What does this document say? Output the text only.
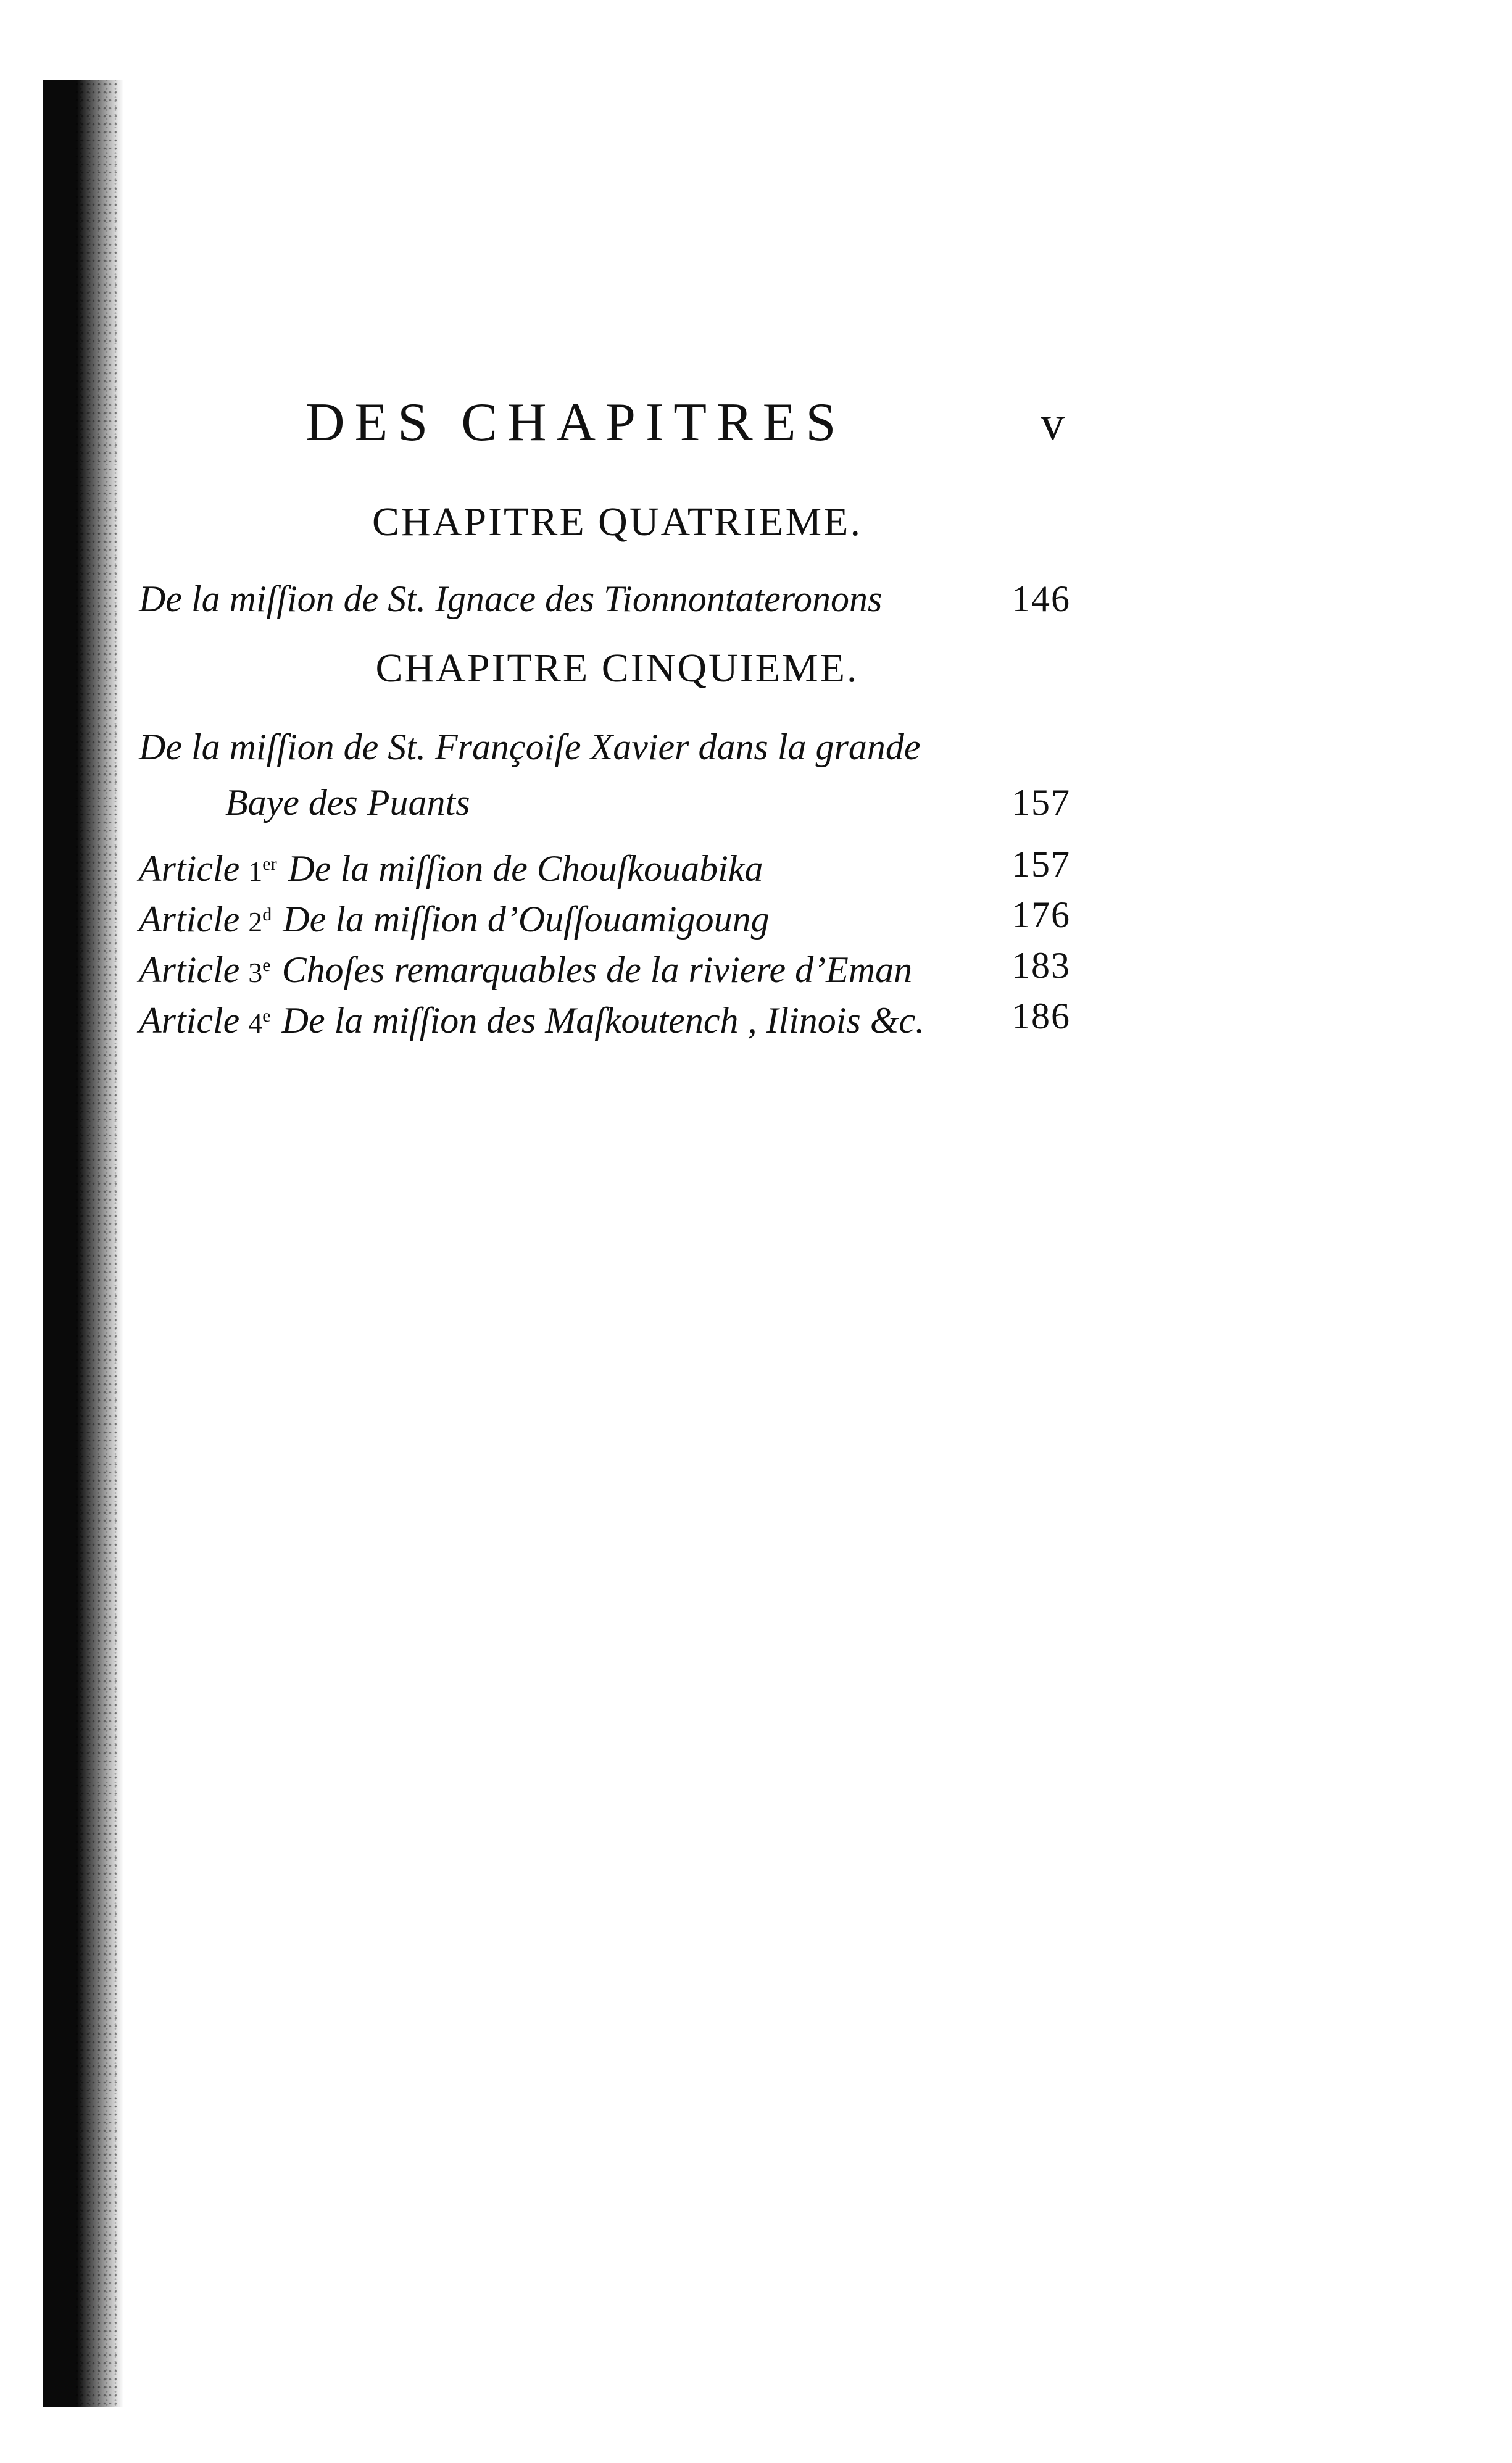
DES CHAPITRES	v
CHAPITRE QUATRIEME.
De la miſſion de St. Ignace des Tionnontateronons	146
CHAPITRE CINQUIEME.
De la miſſion de St. Françoiſe Xavier dans la grande
Baye des Puants	157
Article 1er De la miſſion de Chouſkouabika	157
Article 2$^d$ De la miſſion d’Ouſſouamigoung	176
Article 3e Choſes remarquables de la riviere d’Eman	183
Article 4e De la miſſion des Maſkoutench , Ilinois &c. 186
